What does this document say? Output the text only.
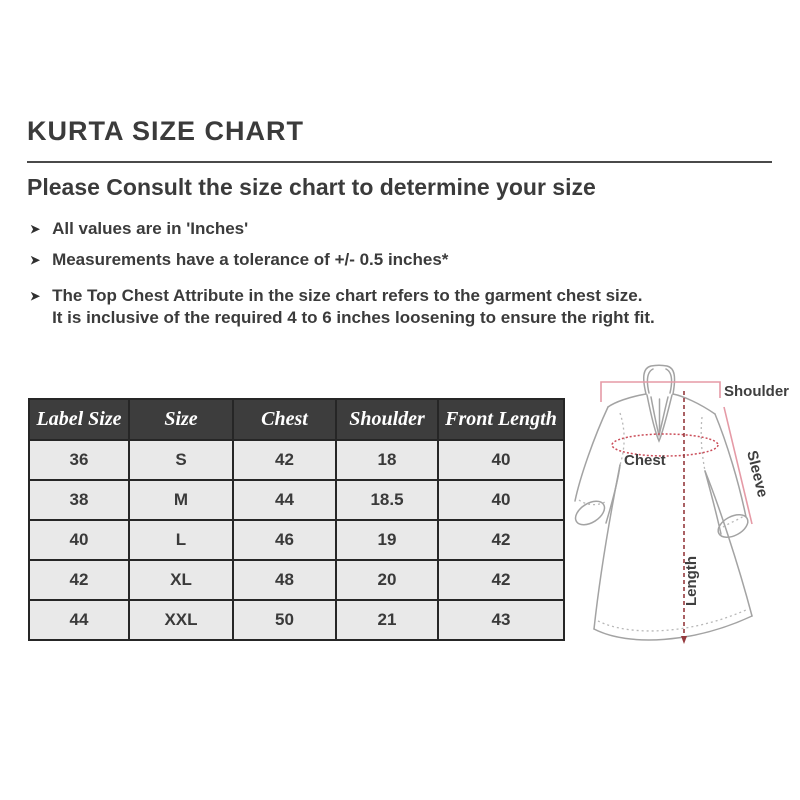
KURTA SIZE CHART
Please Consult the size chart to determine your size
➤ All values are in 'Inches'
➤ Measurements have a tolerance of +/- 0.5 inches*
➤ The Top Chest Attribute in the size chart refers to the garment chest size.
It is inclusive of the required 4 to 6 inches loosening to ensure the right fit.
Label Size	Size	Chest	Shoulder	Front Length
36	S	42	18	40
38	M	44	18.5	40
40	L	46	19	42
42	XL	48	20	42
44	XXL	50	21	43
Shoulder
Sleeve
Chest
Length
